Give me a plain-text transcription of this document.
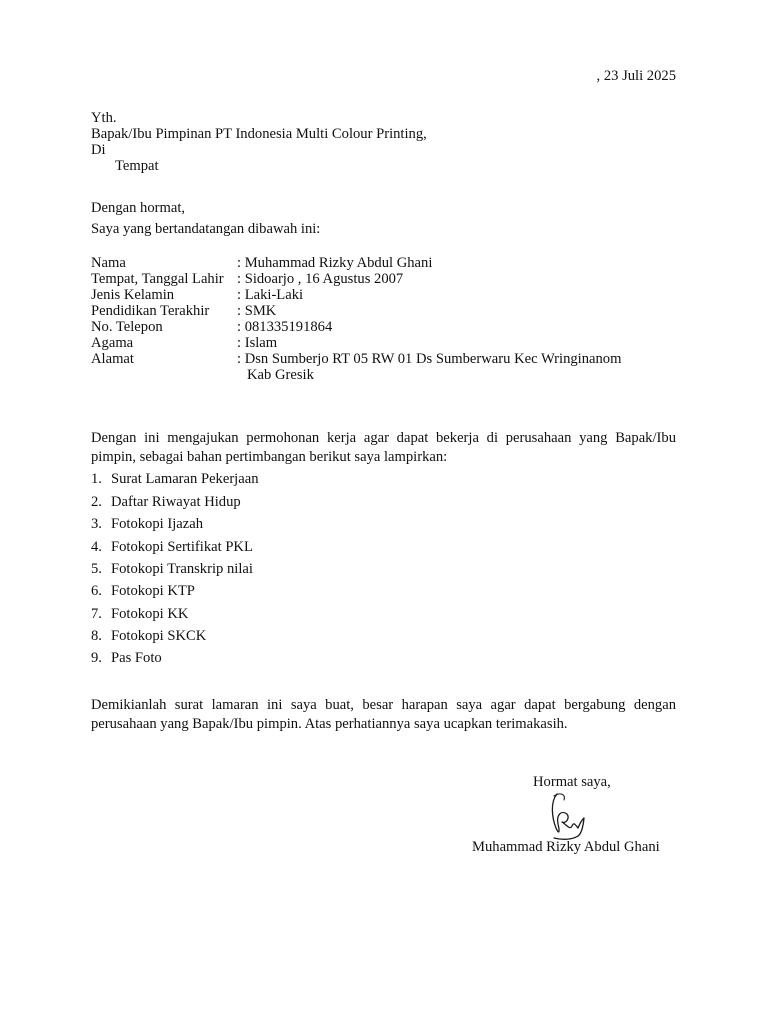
, 23 Juli 2025
Yth.
Bapak/Ibu Pimpinan PT Indonesia Multi Colour Printing,
Di
Tempat
Dengan hormat,
Saya yang bertandatangan dibawah ini:
Nama	: Muhammad Rizky Abdul Ghani
Tempat, Tanggal Lahir : Sidoarjo , 16 Agustus 2007
Jenis Kelamin	: Laki-Laki
Pendidikan Terakhir : SMK
No. Telepon	: 081335191864
Agama	: Islam
Alamat	: Dsn Sumberjo RT 05 RW 01 Ds Sumberwaru Kec Wringinanom
Kab Gresik
Dengan ini mengajukan permohonan kerja agar dapat bekerja di perusahaan yang Bapak/Ibu
pimpin, sebagai bahan pertimbangan berikut saya lampirkan:
1. Surat Lamaran Pekerjaan
2. Daftar Riwayat Hidup
3. Fotokopi Ijazah
4. Fotokopi Sertifikat PKL
5. Fotokopi Transkrip nilai
6. Fotokopi KTP
7. Fotokopi KK
8. Fotokopi SKCK
9. Pas Foto
Demikianlah surat lamaran ini saya buat, besar harapan saya agar dapat bergabung dengan
perusahaan yang Bapak/Ibu pimpin. Atas perhatiannya saya ucapkan terimakasih.
Hormat saya,
Muhammad Rizky Abdul Ghani
